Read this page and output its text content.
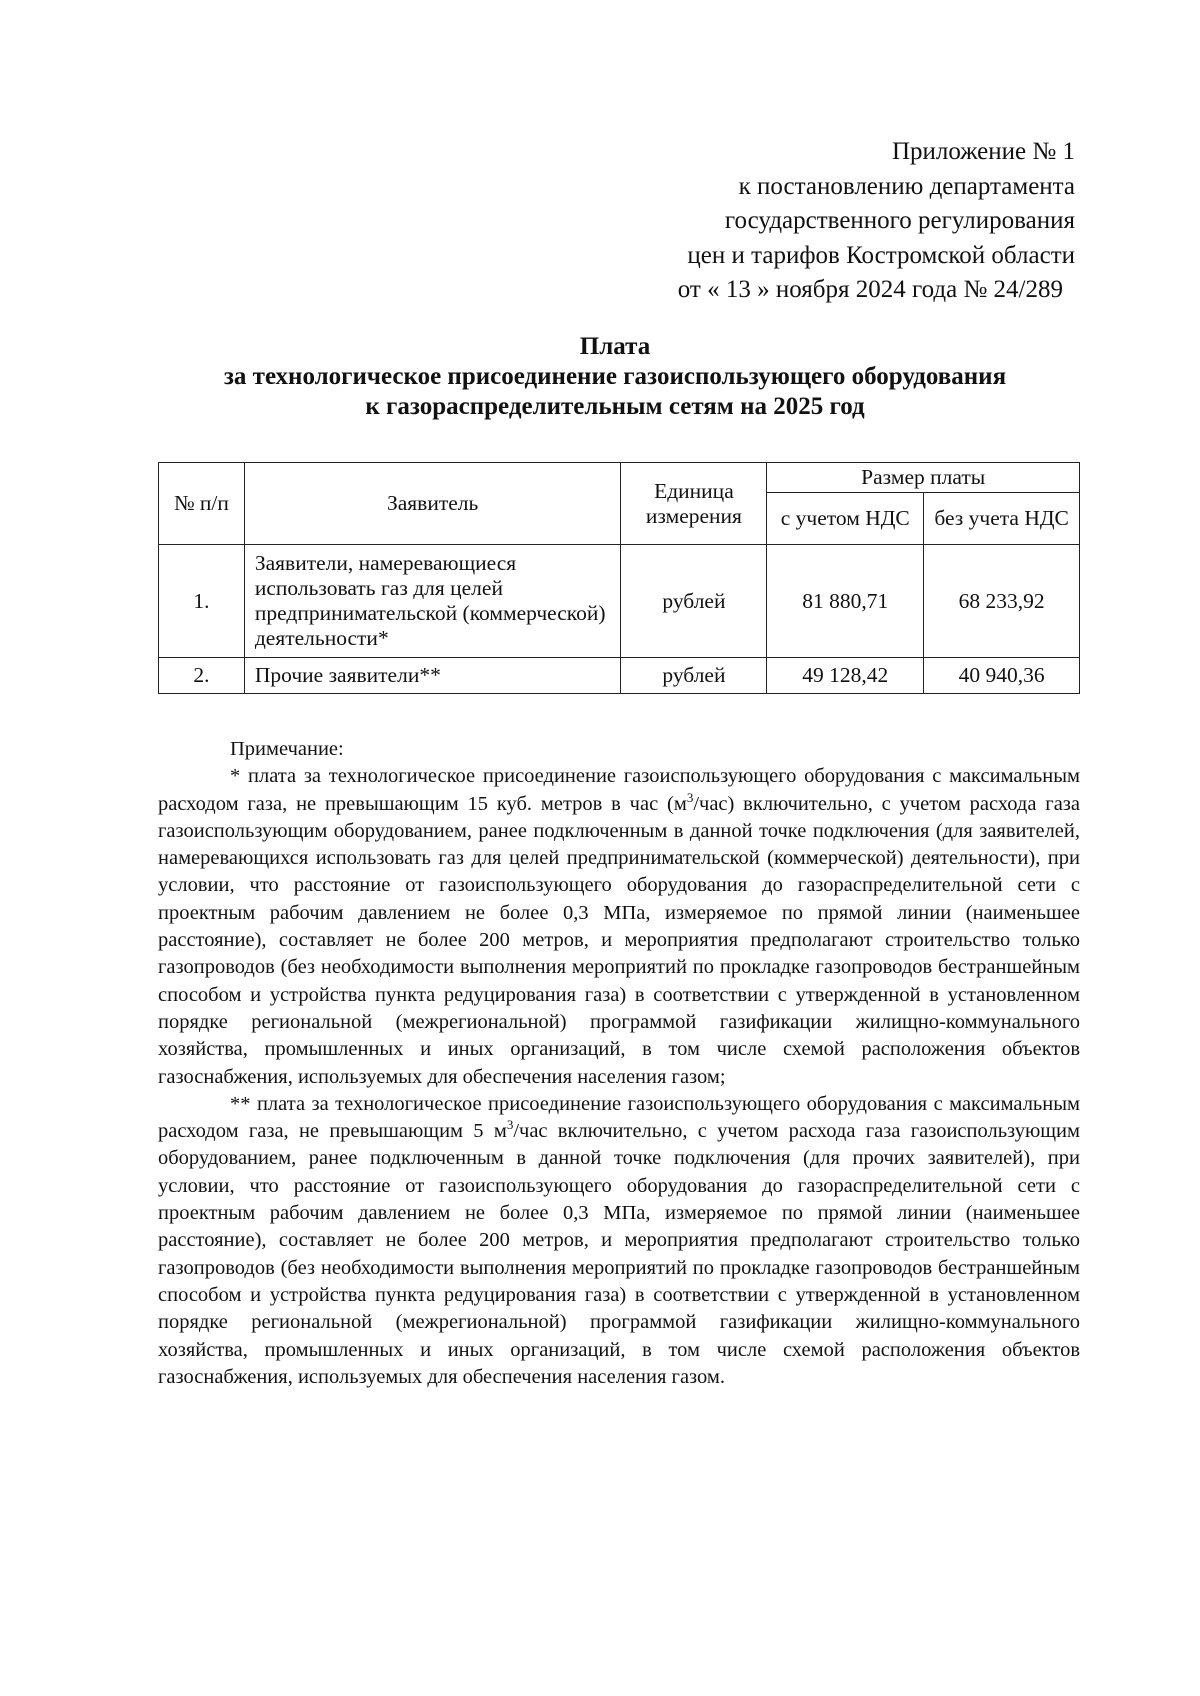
Приложение № 1
к постановлению департамента
государственного регулирования
цен и тарифов Костромской области
от « 13 » ноября 2024 года № 24/289
Плата
за технологическое присоединение газоиспользующего оборудования
к газораспределительным сетям на 2025 год
№ п/п	Заявитель	Единица измерения	Размер платы	
			с учетом НДС	без учета НДС
1.	Заявители, намеревающиеся использовать газ для целей предпринимательской (коммерческой) деятельности*	рублей	81 880,71	68 233,92
2.	Прочие заявители**	рублей	49 128,42	40 940,36
Примечание:

* плата за технологическое присоединение газоиспользующего оборудования с максимальным расходом газа, не превышающим 15 куб. метров в час $(м^3/час)$ включительно, с учетом расхода газа газоиспользующим оборудованием, ранее подключенным в данной точке подключения (для заявителей, намеревающихся использовать газ для целей предпринимательской (коммерческой) деятельности), при условии, что расстояние от газоиспользующего оборудования до газораспределительной сети с проектным рабочим давлением не более 0,3 МПа, измеряемое по прямой линии (наименьшее расстояние), составляет не более 200 метров, и мероприятия предполагают строительство только газопроводов (без необходимости выполнения мероприятий по прокладке газопроводов бестраншейным способом и устройства пункта редуцирования газа) в соответствии с утвержденной в установленном порядке региональной (межрегиональной) программой газификации жилищно-коммунального хозяйства, промышленных и иных организаций, в том числе схемой расположения объектов газоснабжения, используемых для обеспечения населения газом;

** плата за технологическое присоединение газоиспользующего оборудования с максимальным расходом газа, не превышающим 5 $м^3$/час включительно, с учетом расхода газа газоиспользующим оборудованием, ранее подключенным в данной точке подключения (для прочих заявителей), при условии, что расстояние от газоиспользующего оборудования до газораспределительной сети с проектным рабочим давлением не более 0,3 МПа, измеряемое по прямой линии (наименьшее расстояние), составляет не более 200 метров, и мероприятия предполагают строительство только газопроводов (без необходимости выполнения мероприятий по прокладке газопроводов бестраншейным способом и устройства пункта редуцирования газа) в соответствии с утвержденной в установленном порядке региональной (межрегиональной) программой газификации жилищно-коммунального хозяйства, промышленных и иных организаций, в том числе схемой расположения объектов газоснабжения, используемых для обеспечения населения газом.
